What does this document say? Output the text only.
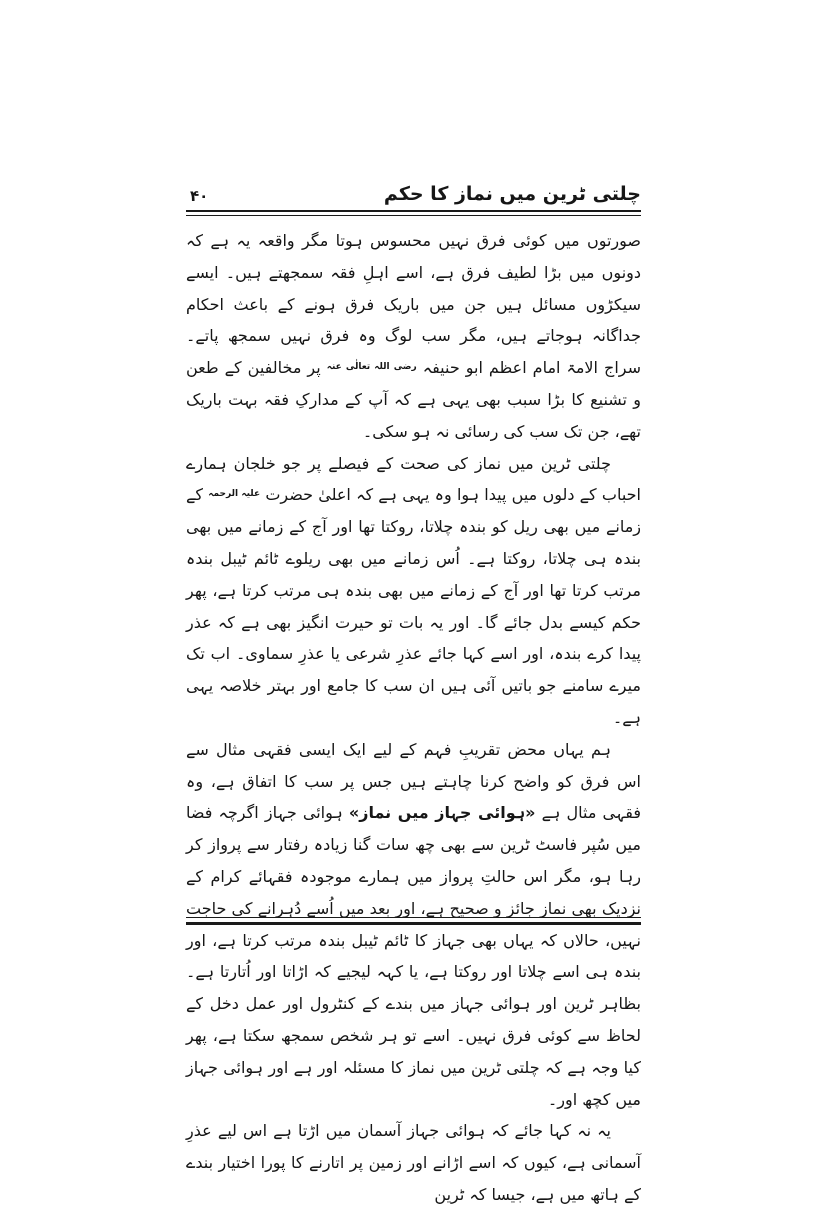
چلتی ٹرین میں نماز کا حکم
۴۰

صورتوں میں کوئی فرق نہیں محسوس ہوتا مگر واقعہ یہ ہے کہ دونوں میں بڑا لطیف فرق ہے، اسے اہلِ فقہ سمجھتے ہیں۔ ایسے سیکڑوں مسائل ہیں جن میں باریک فرق ہونے کے باعث احکام جداگانہ ہوجاتے ہیں، مگر سب لوگ وہ فرق نہیں سمجھ پاتے۔ سراج الامۃ امام اعظم ابو حنیفہ $^{رضی اللہ تعالٰی عنہ}$ پر مخالفین کے طعن و تشنیع کا بڑا سبب بھی یہی ہے کہ آپ کے مدارکِ فقہ بہت باریک تھے، جن تک سب کی رسائی نہ ہو سکی۔

چلتی ٹرین میں نماز کی صحت کے فیصلے پر جو خلجان ہمارے احباب کے دلوں میں پیدا ہوا وہ یہی ہے کہ اعلیٰ حضرت $^{علیہ الرحمہ}$ کے زمانے میں بھی ریل کو بندہ چلاتا، روکتا تھا اور آج کے زمانے میں بھی بندہ ہی چلاتا، روکتا ہے۔ اُس زمانے میں بھی ریلوے ٹائم ٹیبل بندہ مرتب کرتا تھا اور آج کے زمانے میں بھی بندہ ہی مرتب کرتا ہے، پھر حکم کیسے بدل جائے گا۔ اور یہ بات تو حیرت انگیز بھی ہے کہ عذر پیدا کرے بندہ، اور اسے کہا جائے عذرِ شرعی یا عذرِ سماوی۔ اب تک میرے سامنے جو باتیں آئی ہیں ان سب کا جامع اور بہتر خلاصہ یہی ہے۔

ہم یہاں محض تقریبِ فہم کے لیے ایک ایسی فقہی مثال سے اس فرق کو واضح کرنا چاہتے ہیں جس پر سب کا اتفاق ہے، وہ فقہی مثال ہے «ہوائی جہاز میں نماز» ہوائی جہاز اگرچہ فضا میں سُپر فاسٹ ٹرین سے بھی چھ سات گنا زیادہ رفتار سے پرواز کر رہا ہو، مگر اس حالتِ پرواز میں ہمارے موجودہ فقہائے کرام کے نزدیک بھی نماز جائز و صحیح ہے، اور بعد میں اُسے دُہرانے کی حاجت نہیں، حالاں کہ یہاں بھی جہاز کا ٹائم ٹیبل بندہ مرتب کرتا ہے، اور بندہ ہی اسے چلاتا اور روکتا ہے، یا کہہ لیجیے کہ اڑاتا اور اُتارتا ہے۔ بظاہر ٹرین اور ہوائی جہاز میں بندے کے کنٹرول اور عمل دخل کے لحاظ سے کوئی فرق نہیں۔ اسے تو ہر شخص سمجھ سکتا ہے، پھر کیا وجہ ہے کہ چلتی ٹرین میں نماز کا مسئلہ اور ہے اور ہوائی جہاز میں کچھ اور۔

یہ نہ کہا جائے کہ ہوائی جہاز آسمان میں اڑتا ہے اس لیے عذرِ آسمانی ہے، کیوں کہ اسے اڑانے اور زمین پر اتارنے کا پورا اختیار بندے کے ہاتھ میں ہے، جیسا کہ ٹرین
